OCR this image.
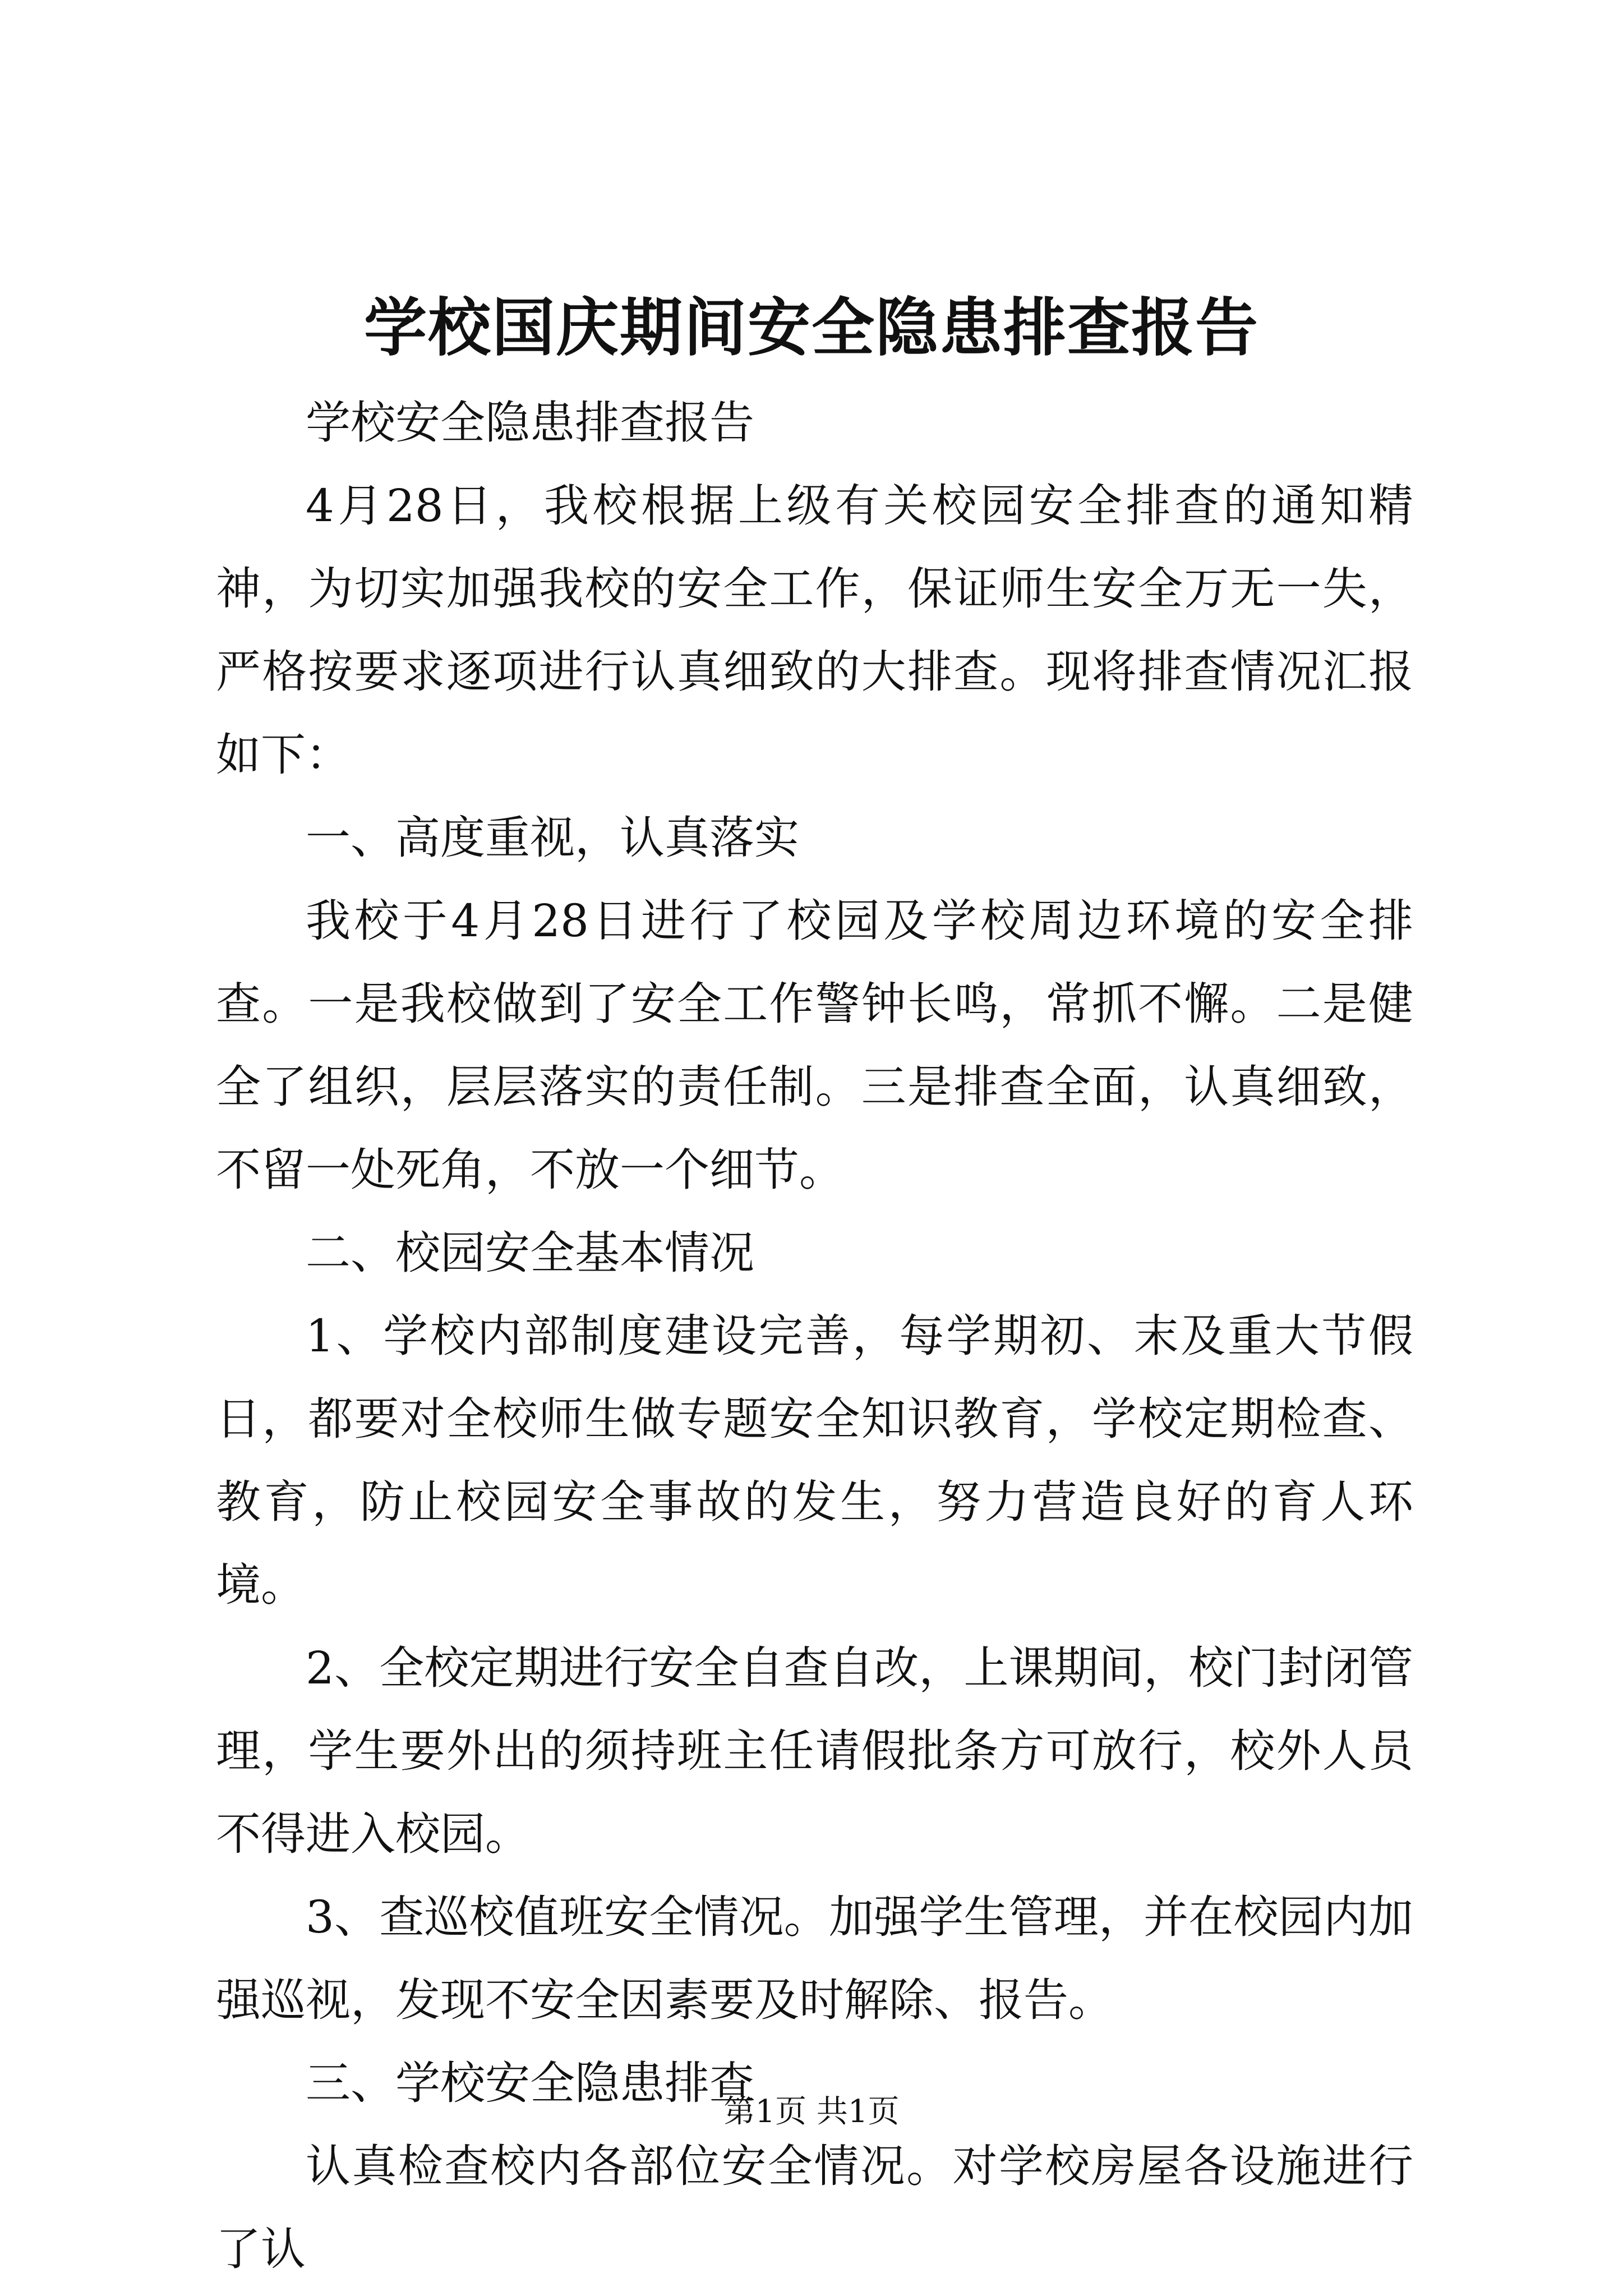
学校国庆期间安全隐患排查报告

学校安全隐患排查报告

4月28日，我校根据上级有关校园安全排查的通知精神，为切实加强我校的安全工作，保证师生安全万无一失，严格按要求逐项进行认真细致的大排查。现将排查情况汇报如下：

一、高度重视，认真落实

我校于4月28日进行了校园及学校周边环境的安全排查。一是我校做到了安全工作警钟长鸣，常抓不懈。二是健全了组织，层层落实的责任制。三是排查全面，认真细致，不留一处死角，不放一个细节。

二、校园安全基本情况

1、学校内部制度建设完善，每学期初、末及重大节假日，都要对全校师生做专题安全知识教育，学校定期检查、教育，防止校园安全事故的发生，努力营造良好的育人环境。

2、全校定期进行安全自查自改，上课期间，校门封闭管理，学生要外出的须持班主任请假批条方可放行，校外人员不得进入校园。

3、查巡校值班安全情况。加强学生管理，并在校园内加强巡视，发现不安全因素要及时解除、报告。

三、学校安全隐患排查

认真检查校内各部位安全情况。对学校房屋各设施进行了认

第1页 共1页
